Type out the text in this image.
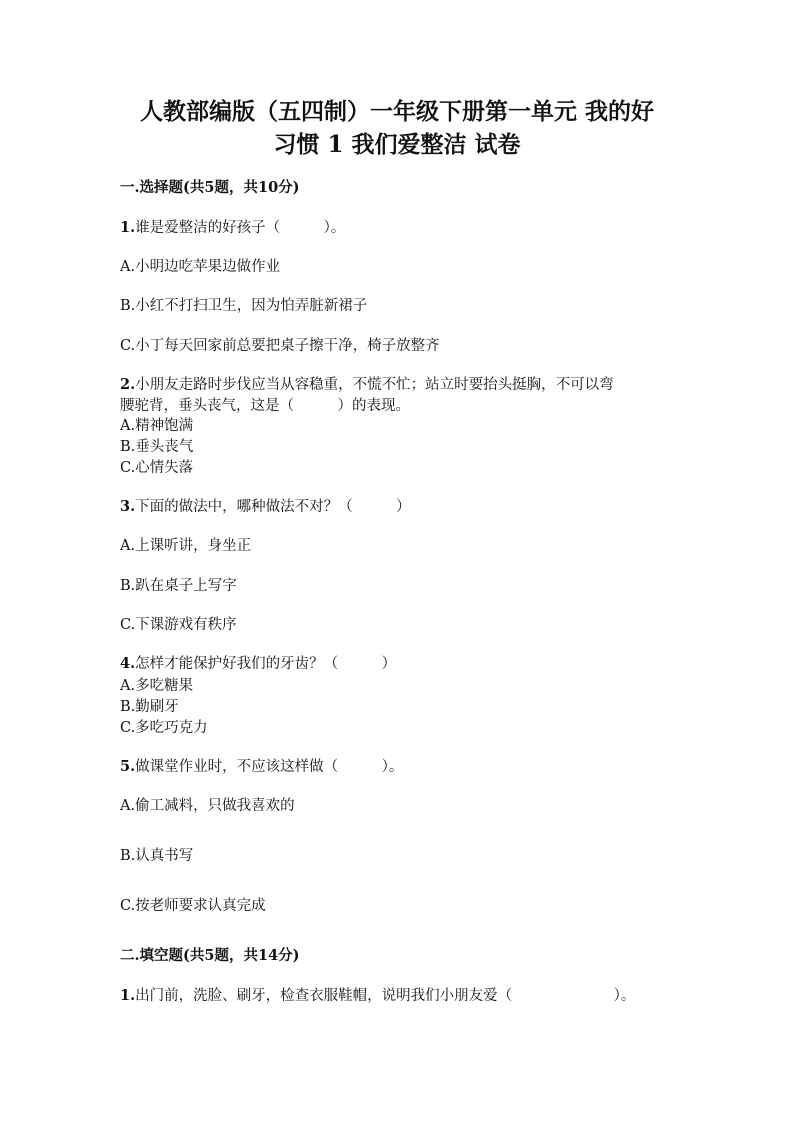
人教部编版（五四制）一年级下册第一单元 我的好
习惯 1 我们爱整洁 试卷
一.选择题(共5题，共10分)
1.谁是爱整洁的好孩子（　　　）。
A.小明边吃苹果边做作业
B.小红不打扫卫生，因为怕弄脏新裙子
C.小丁每天回家前总要把桌子擦干净，椅子放整齐
2.小朋友走路时步伐应当从容稳重，不慌不忙；站立时要抬头挺胸，不可以弯
腰驼背，垂头丧气，这是（　　　）的表现。
A.精神饱满
B.垂头丧气
C.心情失落
3.下面的做法中，哪种做法不对？（　　　）
A.上课听讲，身坐正
B.趴在桌子上写字
C.下课游戏有秩序
4.怎样才能保护好我们的牙齿？（　　　）
A.多吃糖果
B.勤刷牙
C.多吃巧克力
5.做课堂作业时，不应该这样做（　　　）。
A.偷工减料，只做我喜欢的
B.认真书写
C.按老师要求认真完成
二.填空题(共5题，共14分)
1.出门前，洗脸、刷牙，检查衣服鞋帽，说明我们小朋友爱（　　　　　　　）。
